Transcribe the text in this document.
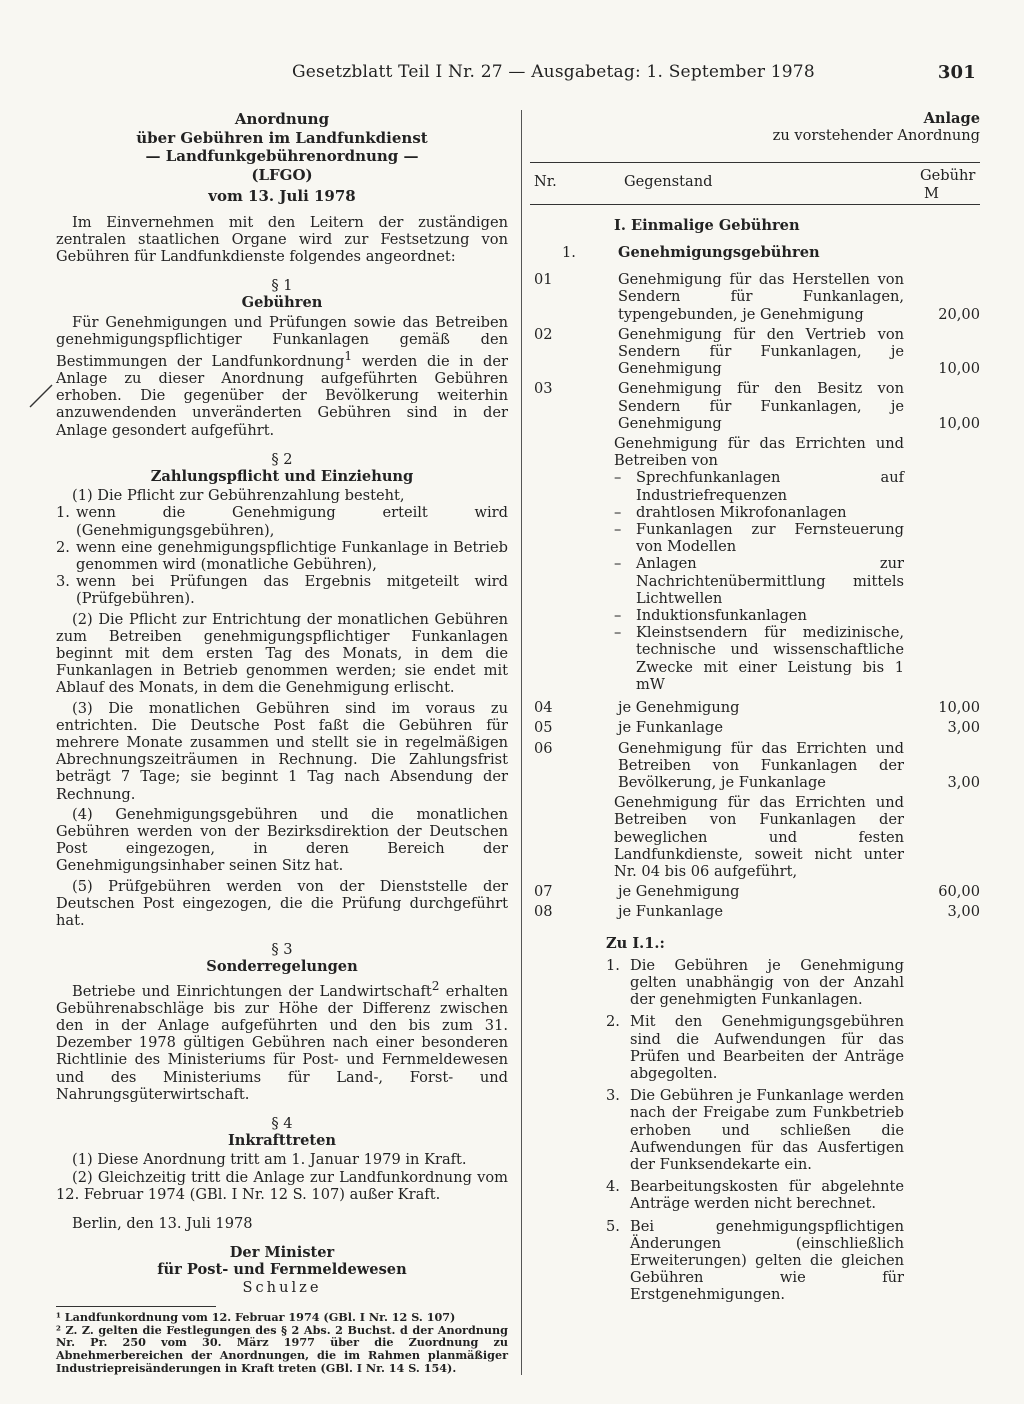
Gesetzblatt Teil I Nr. 27 — Ausgabetag: 1. September 1978	301
Anordnung
über Gebühren im Landfunkdienst
— Landfunkgebührenordnung —
(LFGO)
vom 13. Juli 1978
Im Einvernehmen mit den Leitern der zuständigen zentralen staatlichen Organe wird zur Festsetzung von Gebühren für Landfunkdienste folgendes angeordnet:
§ 1
Gebühren
Für Genehmigungen und Prüfungen sowie das Betreiben genehmigungspflichtiger Funkanlagen gemäß den Bestimmungen der Landfunkordnung$^1$ werden die in der Anlage zu dieser Anordnung aufgeführten Gebühren erhoben. Die gegenüber der Bevölkerung weiterhin anzuwendenden unveränderten Gebühren sind in der Anlage gesondert aufgeführt.
§ 2
Zahlungspflicht und Einziehung
(1) Die Pflicht zur Gebührenzahlung besteht,
1. wenn die Genehmigung erteilt wird (Genehmigungsgebühren),
2. wenn eine genehmigungspflichtige Funkanlage in Betrieb genommen wird (monatliche Gebühren),
3. wenn bei Prüfungen das Ergebnis mitgeteilt wird (Prüfgebühren).
(2) Die Pflicht zur Entrichtung der monatlichen Gebühren zum Betreiben genehmigungspflichtiger Funkanlagen beginnt mit dem ersten Tag des Monats, in dem die Funkanlagen in Betrieb genommen werden; sie endet mit Ablauf des Monats, in dem die Genehmigung erlischt.
(3) Die monatlichen Gebühren sind im voraus zu entrichten. Die Deutsche Post faßt die Gebühren für mehrere Monate zusammen und stellt sie in regelmäßigen Abrechnungszeiträumen in Rechnung. Die Zahlungsfrist beträgt 7 Tage; sie beginnt 1 Tag nach Absendung der Rechnung.
(4) Genehmigungsgebühren und die monatlichen Gebühren werden von der Bezirksdirektion der Deutschen Post eingezogen, in deren Bereich der Genehmigungsinhaber seinen Sitz hat.
(5) Prüfgebühren werden von der Dienststelle der Deutschen Post eingezogen, die die Prüfung durchgeführt hat.
§ 3
Sonderregelungen
Betriebe und Einrichtungen der Landwirtschaft$^2$ erhalten Gebührenabschläge bis zur Höhe der Differenz zwischen den in der Anlage aufgeführten und den bis zum 31. Dezember 1978 gültigen Gebühren nach einer besonderen Richtlinie des Ministeriums für Post- und Fernmeldewesen und des Ministeriums für Land-, Forst- und Nahrungsgüterwirtschaft.
§ 4
Inkrafttreten
(1) Diese Anordnung tritt am 1. Januar 1979 in Kraft.
(2) Gleichzeitig tritt die Anlage zur Landfunkordnung vom 12. Februar 1974 (GBl. I Nr. 12 S. 107) außer Kraft.
Berlin, den 13. Juli 1978
Der Minister
für Post- und Fernmeldewesen
Schulze
¹ Landfunkordnung vom 12. Februar 1974 (GBl. I Nr. 12 S. 107)
² Z. Z. gelten die Festlegungen des § 2 Abs. 2 Buchst. d der Anordnung Nr. Pr. 250 vom 30. März 1977 über die Zuordnung zu Abnehmerbereichen der Anordnungen, die im Rahmen planmäßiger Industriepreisänderungen in Kraft treten (GBl. I Nr. 14 S. 154).
Anlage
zu vorstehender Anordnung
Nr.	Gegenstand	Gebühr
M
I. Einmalige Gebühren
1.	Genehmigungsgebühren
01	Genehmigung für das Herstellen von Sendern für Funkanlagen, typengebunden, je Genehmigung	20,00
02	Genehmigung für den Vertrieb von Sendern für Funkanlagen, je Genehmigung	10,00
03	Genehmigung für den Besitz von Sendern für Funkanlagen, je Genehmigung	10,00
Genehmigung für das Errichten und Betreiben von
–	Sprechfunkanlagen auf Industriefrequenzen
–	drahtlosen Mikrofonanlagen
–	Funkanlagen zur Fernsteuerung von Modellen
–	Anlagen zur Nachrichtenübermittlung mittels Lichtwellen
–	Induktionsfunkanlagen
–	Kleinstsendern für medizinische, technische und wissenschaftliche Zwecke mit einer Leistung bis 1 mW
04	je Genehmigung	10,00
05	je Funkanlage	3,00
06	Genehmigung für das Errichten und Betreiben von Funkanlagen der Bevölkerung, je Funkanlage	3,00
Genehmigung für das Errichten und Betreiben von Funkanlagen der beweglichen und festen Landfunkdienste, soweit nicht unter Nr. 04 bis 06 aufgeführt,
07	je Genehmigung	60,00
08	je Funkanlage	3,00
Zu I.1.:
1. Die Gebühren je Genehmigung gelten unabhängig von der Anzahl der genehmigten Funkanlagen.
2. Mit den Genehmigungsgebühren sind die Aufwendungen für das Prüfen und Bearbeiten der Anträge abgegolten.
3. Die Gebühren je Funkanlage werden nach der Freigabe zum Funkbetrieb erhoben und schließen die Aufwendungen für das Ausfertigen der Funksendekarte ein.
4. Bearbeitungskosten für abgelehnte Anträge werden nicht berechnet.
5. Bei genehmigungspflichtigen Änderungen (einschließlich Erweiterungen) gelten die gleichen Gebühren wie für Erstgenehmigungen.
